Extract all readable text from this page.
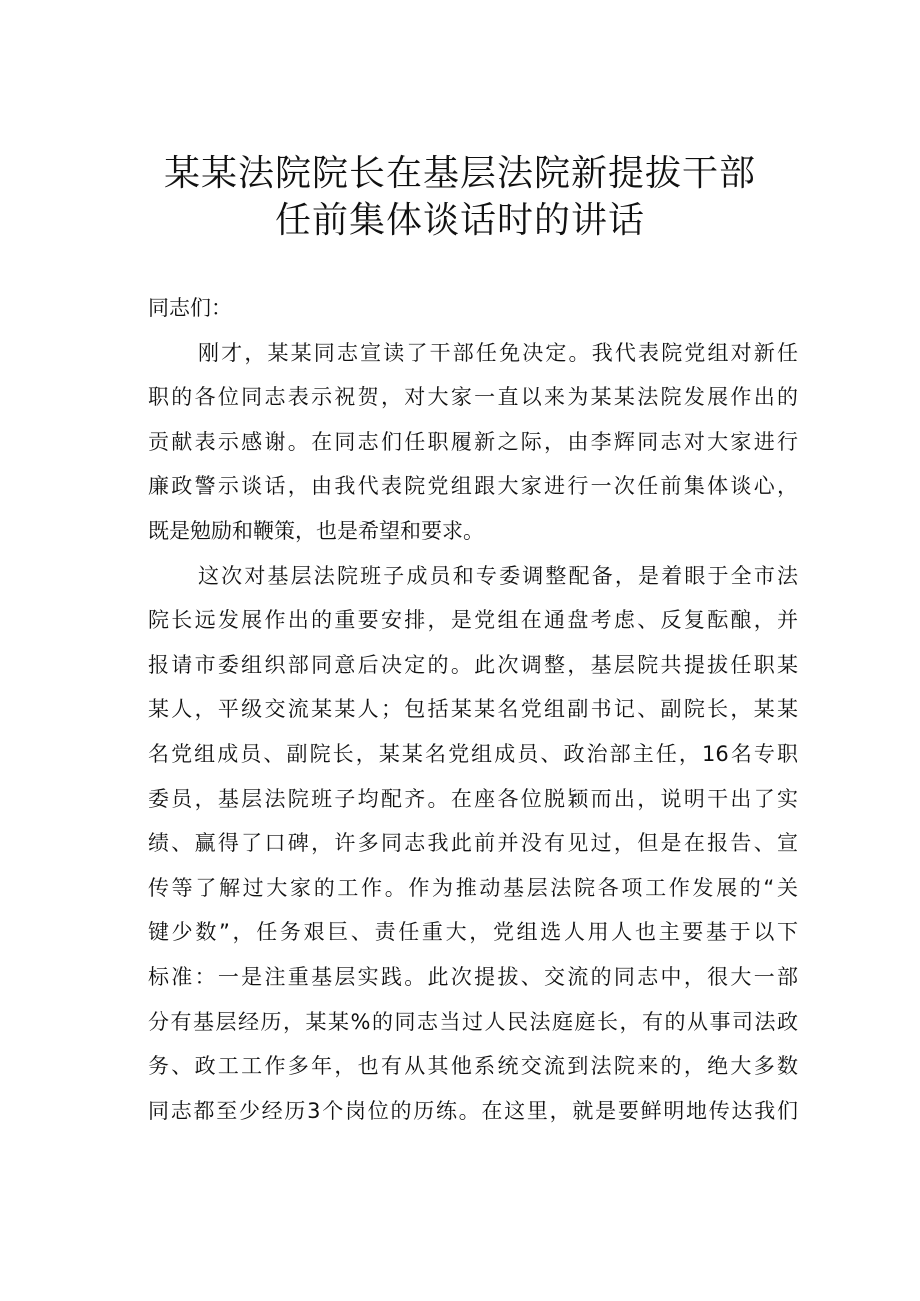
某某法院院长在基层法院新提拔干部
任前集体谈话时的讲话

同志们：

刚才，某某同志宣读了干部任免决定。我代表院党组对新任
职的各位同志表示祝贺，对大家一直以来为某某法院发展作出的
贡献表示感谢。在同志们任职履新之际，由李辉同志对大家进行
廉政警示谈话，由我代表院党组跟大家进行一次任前集体谈心，
既是勉励和鞭策，也是希望和要求。
这次对基层法院班子成员和专委调整配备，是着眼于全市法
院长远发展作出的重要安排，是党组在通盘考虑、反复酝酿，并
报请市委组织部同意后决定的。此次调整，基层院共提拔任职某
某人，平级交流某某人；包括某某名党组副书记、副院长，某某
名党组成员、副院长，某某名党组成员、政治部主任，16名专职
委员，基层法院班子均配齐。在座各位脱颖而出，说明干出了实
绩、赢得了口碑，许多同志我此前并没有见过，但是在报告、宣
传等了解过大家的工作。作为推动基层法院各项工作发展的“关
键少数”，任务艰巨、责任重大，党组选人用人也主要基于以下
标准：一是注重基层实践。此次提拔、交流的同志中，很大一部
分有基层经历，某某%的同志当过人民法庭庭长，有的从事司法政
务、政工工作多年，也有从其他系统交流到法院来的，绝大多数
同志都至少经历3个岗位的历练。在这里，就是要鲜明地传达我们
